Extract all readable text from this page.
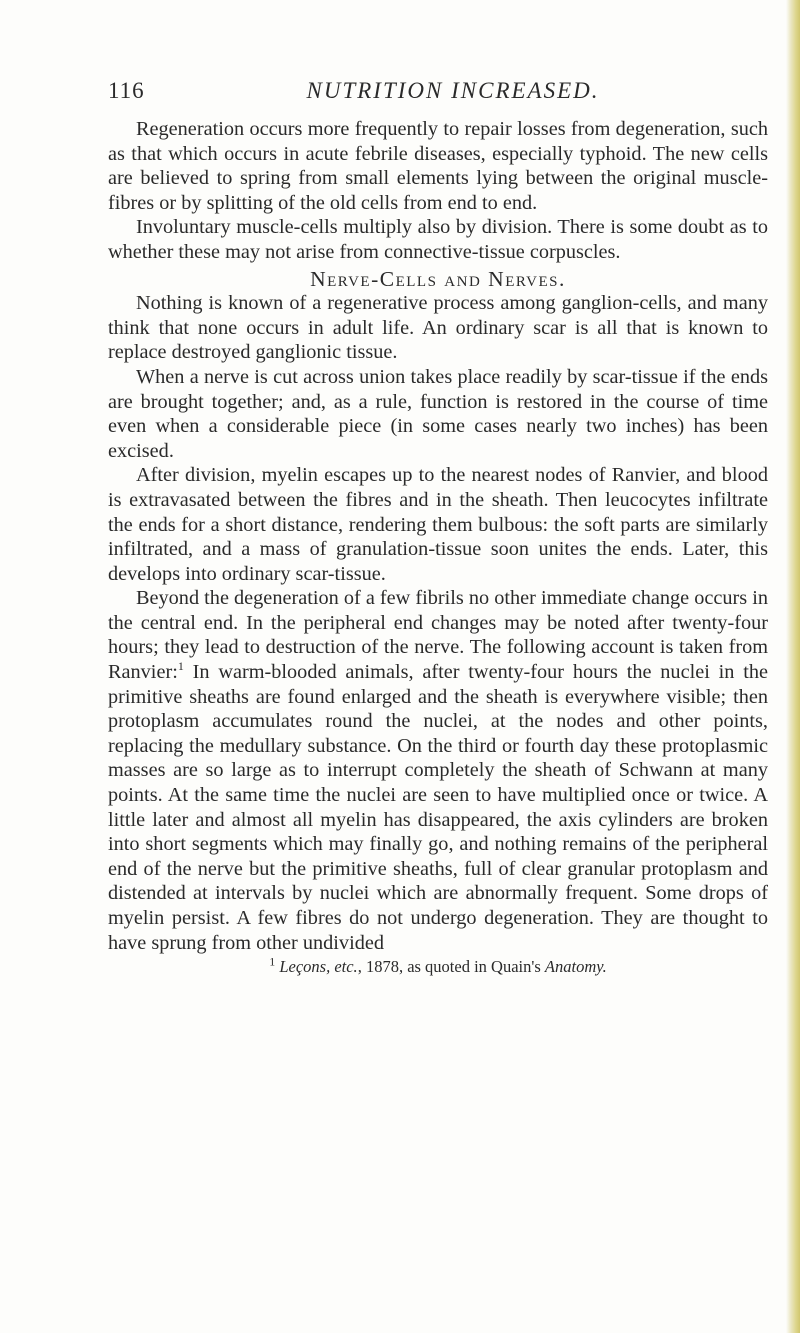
116	NUTRITION INCREASED.

Regeneration occurs more frequently to repair losses from degeneration, such as that which occurs in acute febrile diseases, especially typhoid. The new cells are believed to spring from small elements lying between the original muscle-fibres or by splitting of the old cells from end to end.

Involuntary muscle-cells multiply also by division. There is some doubt as to whether these may not arise from connective-tissue corpuscles.

Nerve-Cells and Nerves.

Nothing is known of a regenerative process among ganglion-cells, and many think that none occurs in adult life. An ordinary scar is all that is known to replace destroyed ganglionic tissue.

When a nerve is cut across union takes place readily by scar-tissue if the ends are brought together; and, as a rule, function is restored in the course of time even when a considerable piece (in some cases nearly two inches) has been excised.

After division, myelin escapes up to the nearest nodes of Ranvier, and blood is extravasated between the fibres and in the sheath. Then leucocytes infiltrate the ends for a short distance, rendering them bulbous: the soft parts are similarly infiltrated, and a mass of granulation-tissue soon unites the ends. Later, this develops into ordinary scar-tissue.

Beyond the degeneration of a few fibrils no other immediate change occurs in the central end. In the peripheral end changes may be noted after twenty-four hours; they lead to destruction of the nerve. The following account is taken from Ranvier:$^1$ In warm-blooded animals, after twenty-four hours the nuclei in the primitive sheaths are found enlarged and the sheath is everywhere visible; then protoplasm accumulates round the nuclei, at the nodes and other points, replacing the medullary substance. On the third or fourth day these protoplasmic masses are so large as to interrupt completely the sheath of Schwann at many points. At the same time the nuclei are seen to have multiplied once or twice. A little later and almost all myelin has disappeared, the axis cylinders are broken into short segments which may finally go, and nothing remains of the peripheral end of the nerve but the primitive sheaths, full of clear granular protoplasm and distended at intervals by nuclei which are abnormally frequent. Some drops of myelin persist. A few fibres do not undergo degeneration. They are thought to have sprung from other undivided

$^1$ Leçons, etc., 1878, as quoted in Quain's Anatomy.
